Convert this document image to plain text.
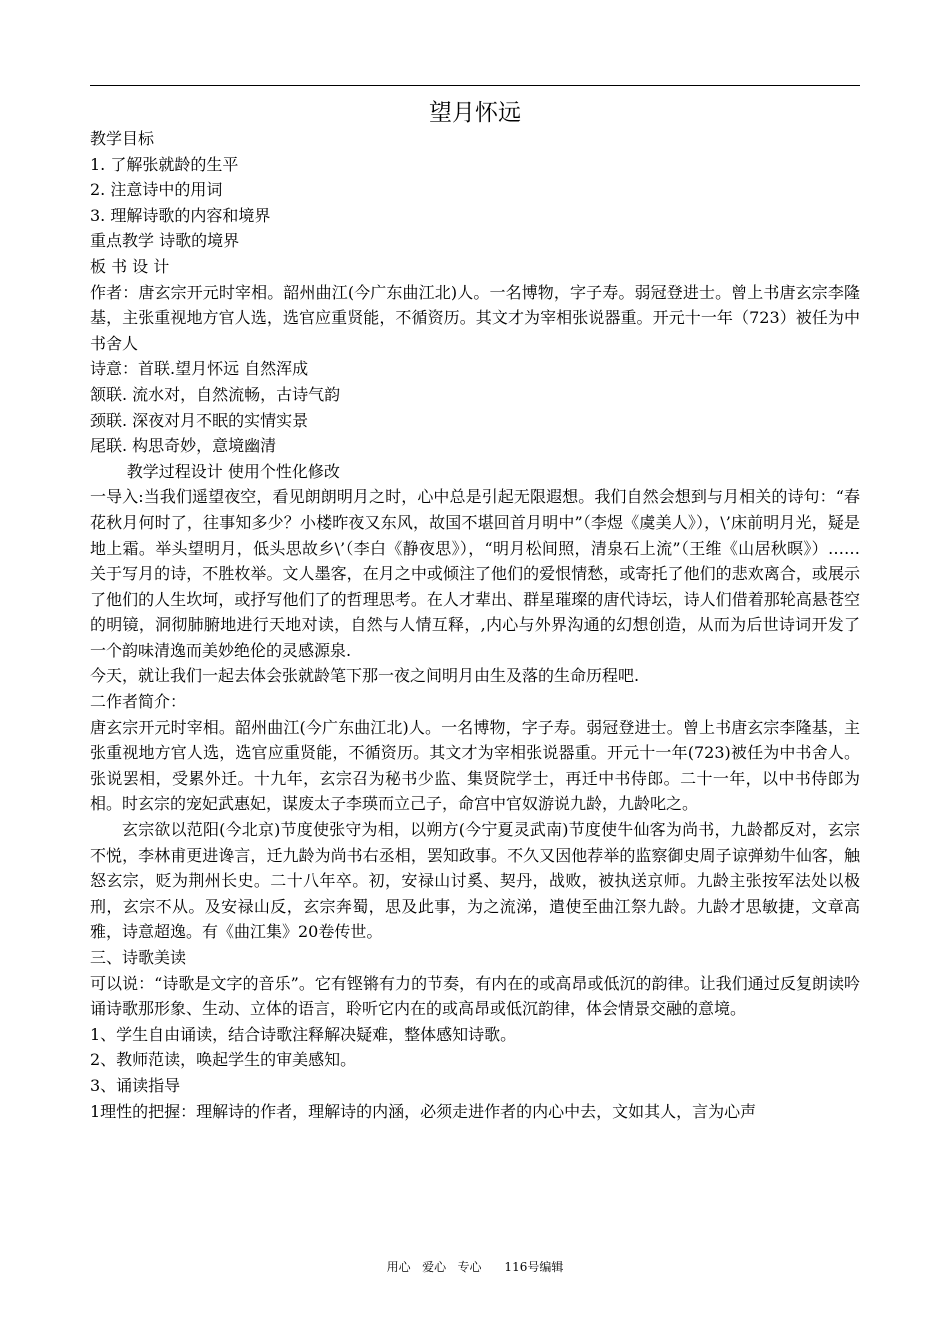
望月怀远

教学目标

1. 了解张就龄的生平

2. 注意诗中的用词

3. 理解诗歌的内容和境界

重点教学 诗歌的境界

板 书 设 计

作者：唐玄宗开元时宰相。韶州曲江(今广东曲江北)人。一名博物，字子寿。弱冠登进士。曾上书唐玄宗李隆基，主张重视地方官人选，选官应重贤能，不循资历。其文才为宰相张说器重。开元十一年（723）被任为中书舍人

诗意：首联.望月怀远 自然浑成

颔联. 流水对，自然流畅，古诗气韵

颈联. 深夜对月不眠的实情实景

尾联. 构思奇妙，意境幽清

教学过程设计 使用个性化修改

一导入:当我们遥望夜空，看见朗朗明月之时，心中总是引起无限遐想。我们自然会想到与月相关的诗句：“春花秋月何时了，往事知多少？小楼昨夜又东风，故国不堪回首月明中”（李煜《虞美人》），\’床前明月光，疑是地上霜。举头望明月，低头思故乡\’（李白《静夜思》），“明月松间照，清泉石上流”（王维《山居秋暝》）……关于写月的诗，不胜枚举。文人墨客，在月之中或倾注了他们的爱恨情愁，或寄托了他们的悲欢离合，或展示了他们的人生坎坷，或抒写他们了的哲理思考。在人才辈出、群星璀璨的唐代诗坛，诗人们借着那轮高悬苍空的明镜，洞彻肺腑地进行天地对读，自然与人情互释，,内心与外界沟通的幻想创造，从而为后世诗词开发了一个韵味清逸而美妙绝伦的灵感源泉.

今天，就让我们一起去体会张就龄笔下那一夜之间明月由生及落的生命历程吧.

二作者简介：

唐玄宗开元时宰相。韶州曲江(今广东曲江北)人。一名博物，字子寿。弱冠登进士。曾上书唐玄宗李隆基，主张重视地方官人选，选官应重贤能，不循资历。其文才为宰相张说器重。开元十一年(723)被任为中书舍人。张说罢相，受累外迁。十九年，玄宗召为秘书少监、集贤院学士，再迁中书侍郎。二十一年，以中书侍郎为相。时玄宗的宠妃武惠妃，谋废太子李瑛而立己子，命宫中官奴游说九龄，九龄叱之。

玄宗欲以范阳(今北京)节度使张守为相，以朔方(今宁夏灵武南)节度使牛仙客为尚书，九龄都反对，玄宗不悦，李林甫更进谗言，迁九龄为尚书右丞相，罢知政事。不久又因他荐举的监察御史周子谅弹劾牛仙客，触怒玄宗，贬为荆州长史。二十八年卒。初，安禄山讨奚、契丹，战败，被执送京师。九龄主张按军法处以极刑，玄宗不从。及安禄山反，玄宗奔蜀，思及此事，为之流涕，遣使至曲江祭九龄。九龄才思敏捷，文章高雅，诗意超逸。有《曲江集》20卷传世。

三、诗歌美读

可以说：“诗歌是文字的音乐”。它有铿锵有力的节奏，有内在的或高昂或低沉的韵律。让我们通过反复朗读吟诵诗歌那形象、生动、立体的语言，聆听它内在的或高昂或低沉韵律，体会情景交融的意境。

1、学生自由诵读，结合诗歌注释解决疑难，整体感知诗歌。

2、教师范读，唤起学生的审美感知。

3、诵读指导

1理性的把握：理解诗的作者，理解诗的内涵，必须走进作者的内心中去，文如其人，言为心声

用心   爱心   专心      116号编辑
